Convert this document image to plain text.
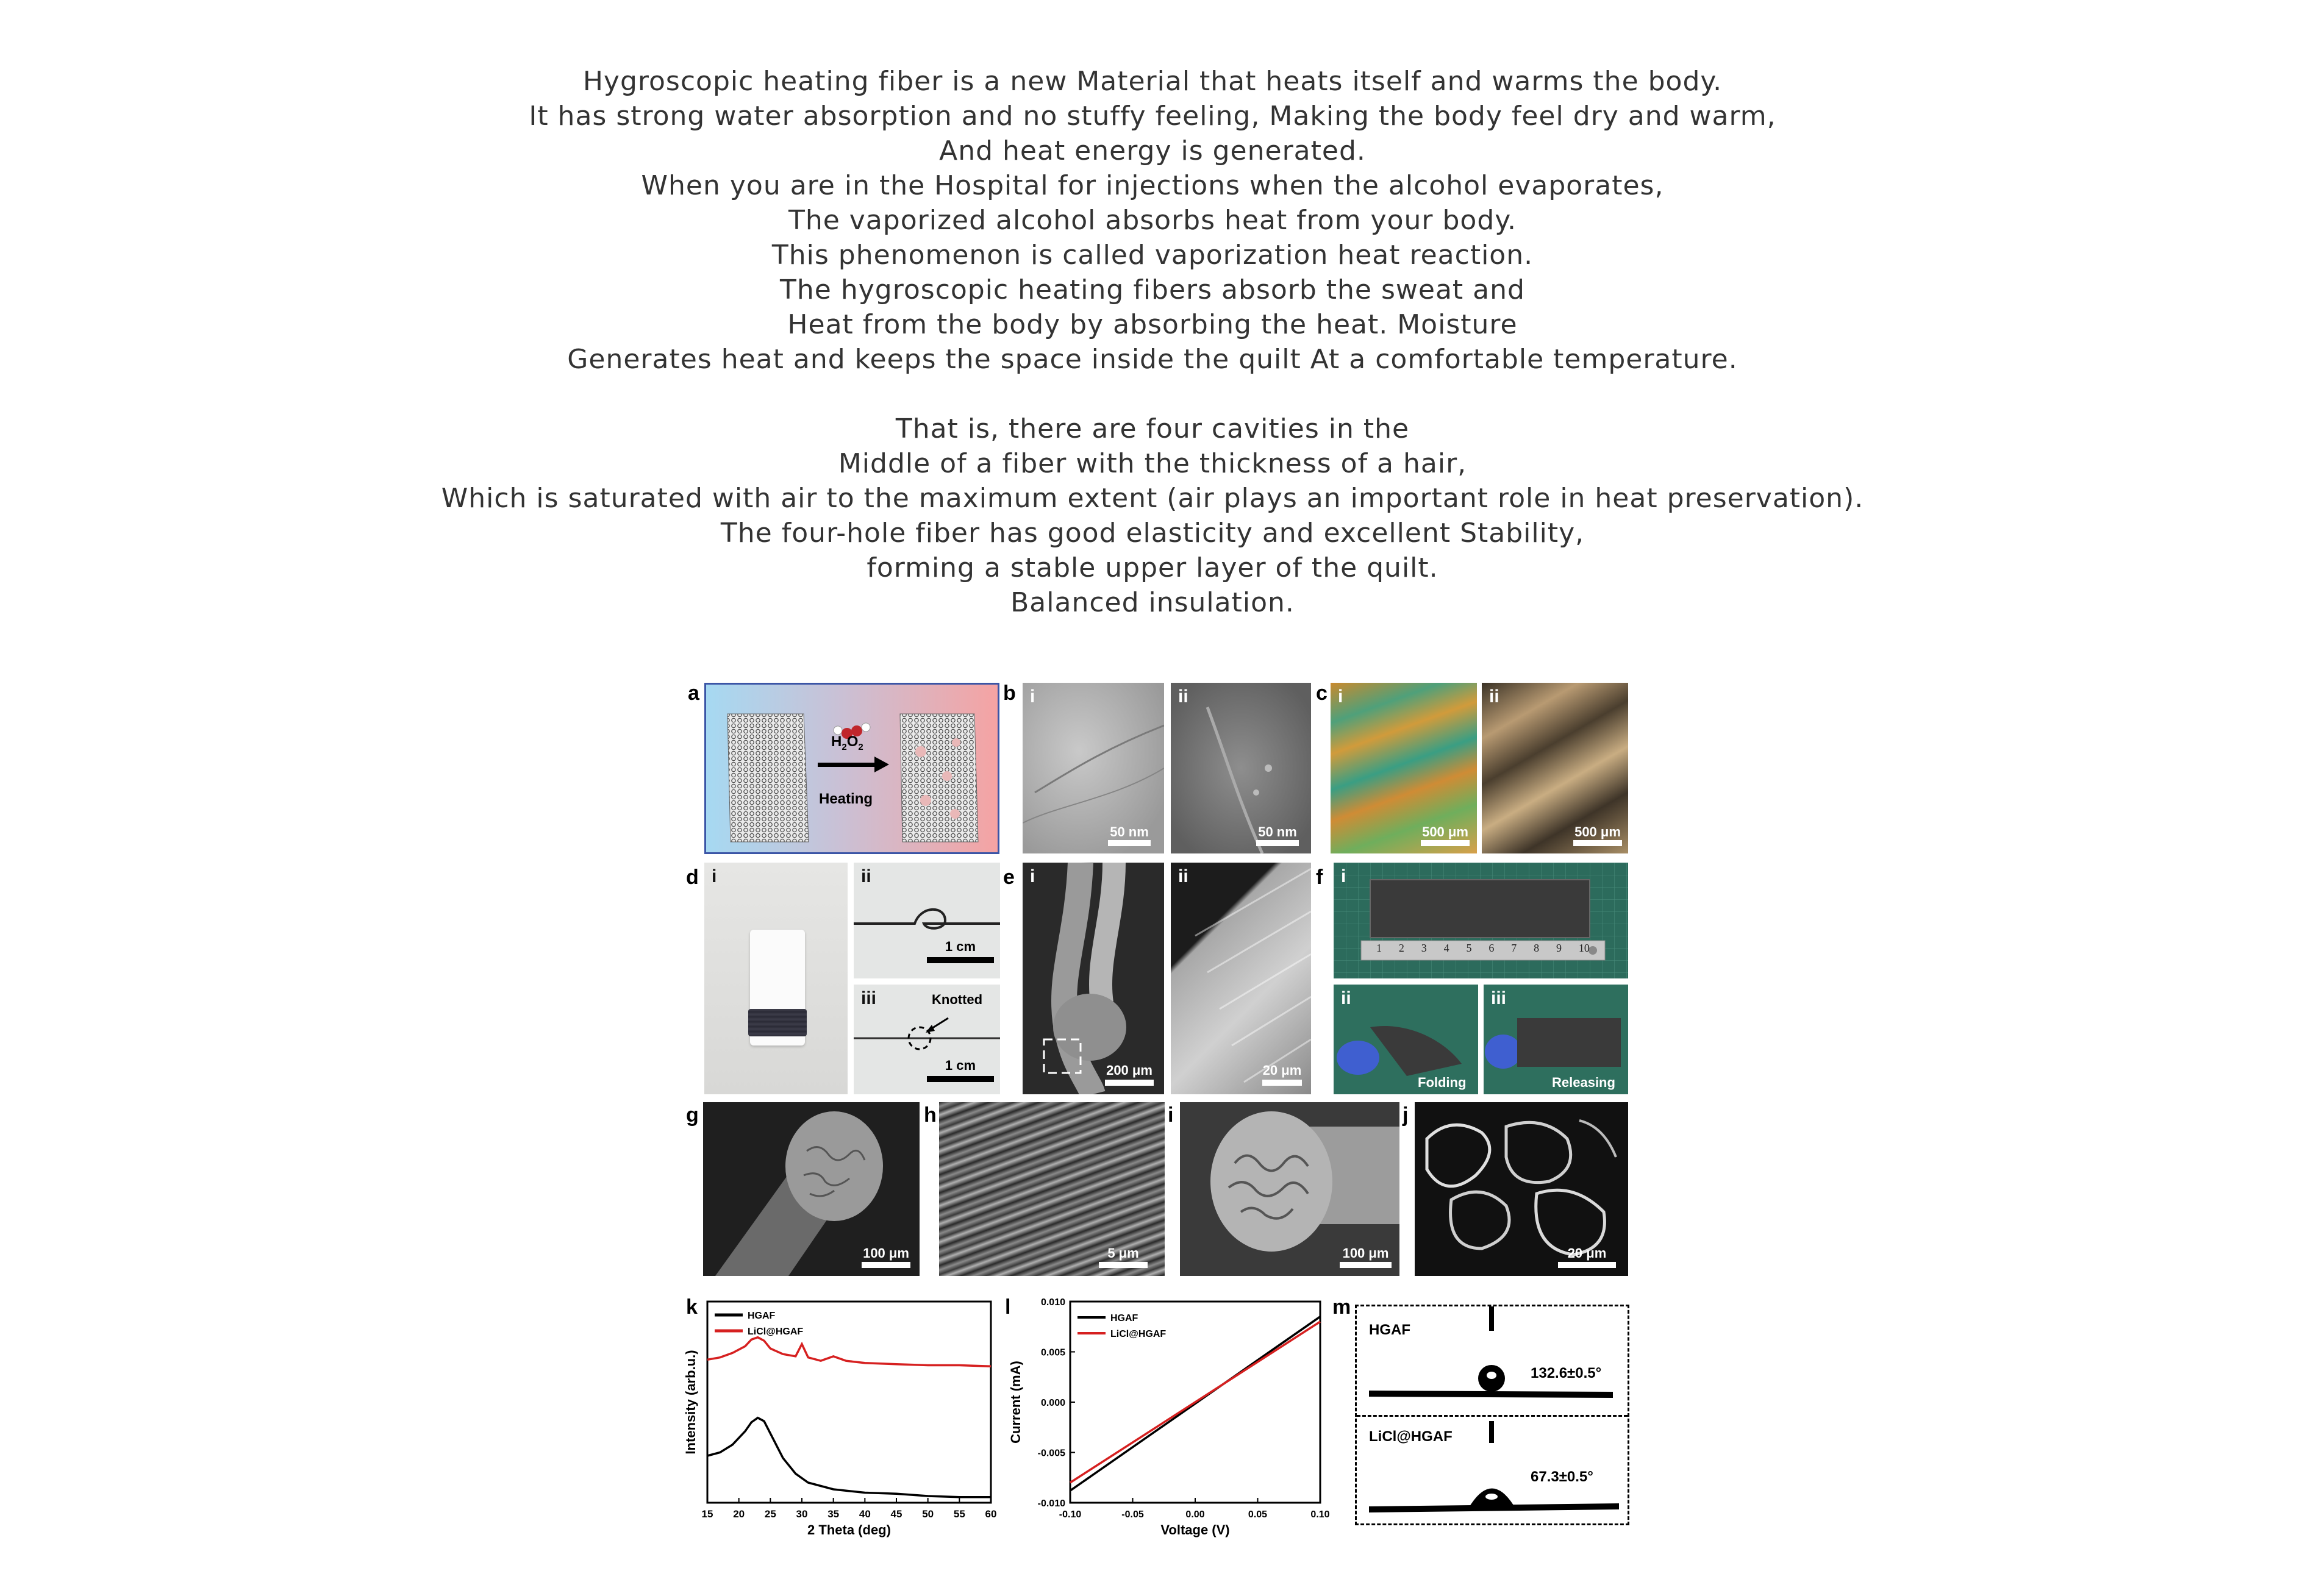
Hygroscopic heating fiber is a new Material that heats itself and warms the body.
It has strong water absorption and no stuffy feeling, Making the body feel dry and warm,
And heat energy is generated.
When you are in the Hospital for injections when the alcohol evaporates,
The vaporized alcohol absorbs heat from your body.
This phenomenon is called vaporization heat reaction.
The hygroscopic heating fibers absorb the sweat and
Heat from the body by absorbing the heat. Moisture
Generates heat and keeps the space inside the quilt At a comfortable temperature.
That is, there are four cavities in the
Middle of a fiber with the thickness of a hair,
Which is saturated with air to the maximum extent (air plays an important role in heat preservation).
The four-hole fiber has good elasticity and excellent Stability,
forming a stable upper layer of the quilt.
Balanced insulation.
a
$H_2O_2$
Heating
b i
50 nm
ii
50 nm
c i
500 μm
ii
500 μm
d i	ii
1 cm
iii	Knotted
1 cm
e i
200 μm
ii
20 μm
f
1 2 3 4 5 6 7 8 9 10
i
ii
Folding
iii
Releasing
g
100 μm
h
5 μm
i
100 μm
j
20 μm
k
15 20 25 30 35 40 45 50 55 60
2 Theta (deg)
Intensity (arb.u.)
HGAF
LiCl@HGAF
l
-0.10	-0.05	0.00	0.05	0.10
-0.010
-0.005
0.000
0.005
0.010
Voltage (V)
Current (mA)
HGAF
LiCl@HGAF
m
HGAF
132.6±0.5°
LiCl@HGAF
67.3±0.5°
